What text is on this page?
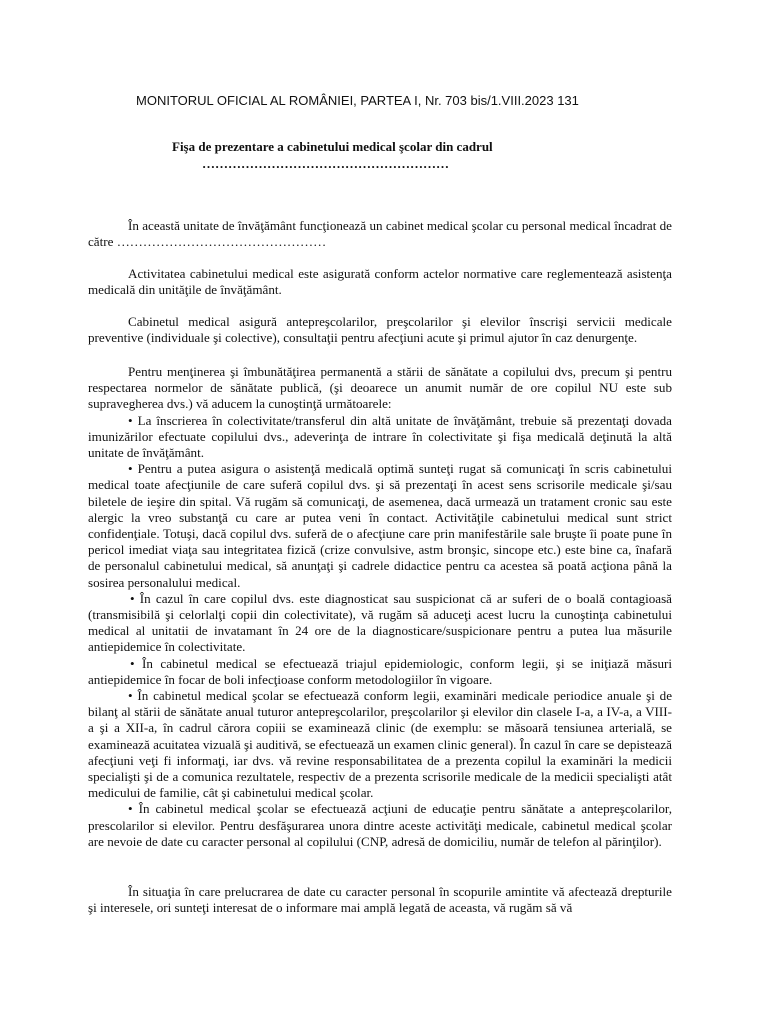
MONITORUL OFICIAL AL ROMÂNIEI, PARTEA I, Nr. 703 bis/1.VIII.2023 131
Fişa de prezentare a cabinetului medical şcolar din cadrul
…………………………………………………

În această unitate de învăţământ funcţionează un cabinet medical şcolar cu personal medical încadrat de către …………………………………………

Activitatea cabinetului medical este asigurată conform actelor normative care reglementează asistenţa medicală din unităţile de învăţământ.

Cabinetul medical asigură antepreşcolarilor, preşcolarilor şi elevilor înscrişi servicii medicale preventive (individuale şi colective), consultaţii pentru afecţiuni acute şi primul ajutor în caz denurgenţe.

Pentru menţinerea şi îmbunătăţirea permanentă a stării de sănătate a copilului dvs, precum şi pentru respectarea normelor de sănătate publică, (şi deoarece un anumit număr de ore copilul NU este sub supravegherea dvs.) vă aducem la cunoştinţă următoarele:
• La înscrierea în colectivitate/transferul din altă unitate de învăţământ, trebuie să prezentaţi dovada imunizărilor efectuate copilului dvs., adeverinţa de intrare în colectivitate şi fişa medicală deţinută la altă unitate de învăţământ.
• Pentru a putea asigura o asistenţă medicală optimă sunteţi rugat să comunicaţi în scris cabinetului medical toate afecţiunile de care suferă copilul dvs. şi să prezentaţi în acest sens scrisorile medicale şi/sau biletele de ieşire din spital. Vă rugăm să comunicaţi, de asemenea, dacă urmează un tratament cronic sau este alergic la vreo substanţă cu care ar putea veni în contact. Activităţile cabinetului medical sunt strict confidenţiale. Totuşi, dacă copilul dvs. suferă de o afecţiune care prin manifestările sale bruşte îi poate pune în pericol imediat viaţa sau integritatea fizică (crize convulsive, astm bronşic, sincope etc.) este bine ca, înafară de personalul cabinetului medical, să anunţaţi şi cadrele didactice pentru ca acestea să poată acţiona până la sosirea personalului medical.
• În cazul în care copilul dvs. este diagnosticat sau suspicionat că ar suferi de o boală contagioasă (transmisibilă şi celorlalţi copii din colectivitate), vă rugăm să aduceţi acest lucru la cunoştinţa cabinetului medical al unitatii de invatamant în 24 ore de la diagnosticare/suspicionare pentru a putea lua măsurile antiepidemice în colectivitate.
• În cabinetul medical se efectuează triajul epidemiologic, conform legii, şi se iniţiază măsuri antiepidemice în focar de boli infecţioase conform metodologiilor în vigoare.
• În cabinetul medical şcolar se efectuează conform legii, examinări medicale periodice anuale şi de bilanţ al stării de sănătate anual tuturor antepreşcolarilor, preşcolarilor şi elevilor din clasele I-a, a IV-a, a VIII-a şi a XII-a, în cadrul cărora copiii se examinează clinic (de exemplu: se măsoară tensiunea arterială, se examinează acuitatea vizuală şi auditivă, se efectuează un examen clinic general). În cazul în care se depistează afecţiuni veţi fi informaţi, iar dvs. vă revine responsabilitatea de a prezenta copilul la examinări la medicii specialişti şi de a comunica rezultatele, respectiv de a prezenta scrisorile medicale de la medicii specialişti atât medicului de familie, cât şi cabinetului medical şcolar.
• În cabinetul medical şcolar se efectuează acţiuni de educaţie pentru sănătate a antepreşcolarilor, prescolarilor si elevilor. Pentru desfăşurarea unora dintre aceste activităţi medicale, cabinetul medical şcolar are nevoie de date cu caracter personal al copilului (CNP, adresă de domiciliu, număr de telefon al părinţilor).

În situaţia în care prelucrarea de date cu caracter personal în scopurile amintite vă afectează drepturile şi interesele, ori sunteţi interesat de o informare mai amplă legată de aceasta, vă rugăm să vă
